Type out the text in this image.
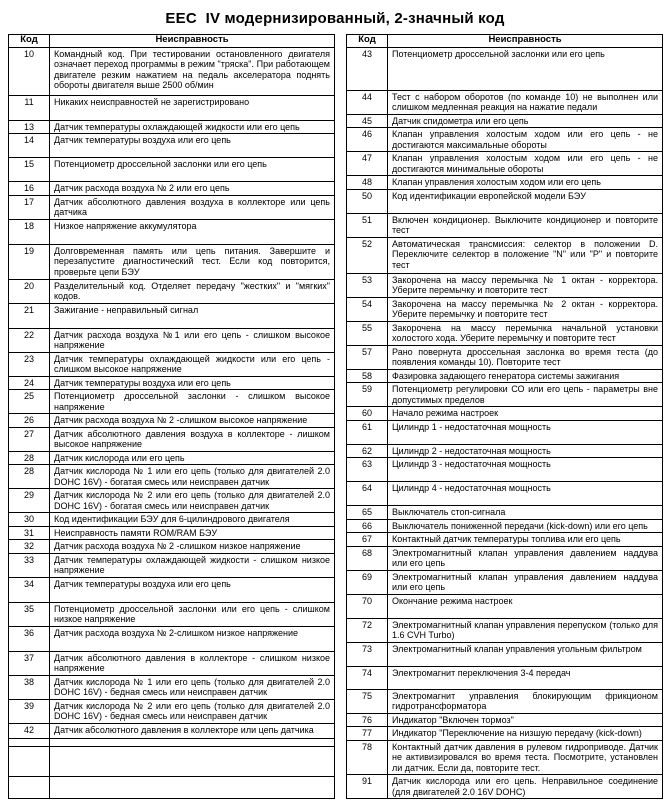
ЕЕС  IV модернизированный, 2-значный код
Код	Неисправность
10	Командный код. При тестировании остановленного двигателя означает переход программы в режим "тряска". При работающем двигателе резким нажатием на педаль акселератора поднять обороты двигателя выше 2500 об/мин
11	Никаких неисправностей не зарегистрировано
13	Датчик температуры охлаждающей жидкости или его цепь
14	Датчик температуры воздуха или его цепь
15	Потенциометр дроссельной заслонки или его цепь
16	Датчик расхода воздуха № 2 или его цепь
17	Датчик абсолютного давления воздуха в коллекторе или цепь датчика
18	Низкое напряжение аккумулятора
19	Долговременная память или цепь питания. Завершите и перезапустите диагностический тест. Если код повторится, проверьте цепи БЭУ
20	Разделительный код. Отделяет передачу "жестких" и "мягких" кодов.
21	Зажигание - неправильный сигнал
22	Датчик расхода воздуха №1 или его цепь - слишком высокое напряжение
23	Датчик температуры охлаждающей жидкости или его цепь - слишком высокое напряжение
24	Датчик температуры воздуха или его цепь
25	Потенциометр дроссельной заслонки - слишком высокое напряжение
26	Датчик расхода воздуха № 2 -слишком высокое напряжение
27	Датчик абсолютного давления воздуха в коллекторе - лишком высокое напряжение
28	Датчик кислорода или его цепь
28	Датчик кислорода № 1 или его цепь (только для двигателей 2.0 DOHC 16V) - богатая смесь или неисправен датчик
29	Датчик кислорода № 2 или его цепь (только для двигателей 2.0 DOHC 16V) - богатая смесь или неисправен датчик
30	Код идентификации БЭУ для 6-цилиндрового двигателя
31	Неисправность памяти ROM/RAM БЭУ
32	Датчик расхода воздуха № 2 -слишком низкое напряжение
33	Датчик температуры охлаждающей жидкости - слишком низкое напряжение
34	Датчик температуры воздуха или его цепь
35	Потенциометр дроссельной заслонки или его цепь - слишком низкое напряжение
36	Датчик расхода воздуха № 2-слишком низкое напряжение
37	Датчик абсолютного давления в коллекторе - слишком низкое напряжение
38	Датчик кислорода № 1 или его цепь (только для двигателей 2.0 DOHC 16V) - бедная смесь или неисправен датчик
39	Датчик кислорода № 2 или его цепь (только для двигателей 2.0 DOHC 16V) - бедная смесь или неисправен датчик
42	Датчик абсолютного давления в коллекторе или цепь датчика

Код	Неисправность
43	Потенциометр дроссельной заслонки или его цепь
44	Тест с набором оборотов (по команде 10) не выполнен или слишком медленная реакция на нажатие педали
45	Датчик спидометра или его цепь
46	Клапан управления холостым ходом или его цепь - не достигаются максимальные обороты
47	Клапан управления холостым ходом или его цепь - не достигаются минимальные обороты
48	Клапан управления холостым ходом или его цепь
50	Код идентификации европейской модели БЭУ
51	Включен кондиционер. Выключите кондиционер и повторите тест
52	Автоматическая трансмиссия: селектор в положении D. Переключите селектор в положение "N" или "P" и повторите тест
53	Закорочена на массу перемычка № 1 октан - корректора. Уберите перемычку и повторите тест
54	Закорочена на массу перемычка № 2 октан - корректора. Уберите перемычку и повторите тест
55	Закорочена на массу перемычка начальной установки холостого хода. Уберите перемычку и повторите тест
57	Рано повернута дроссельная заслонка во время теста (до появления команды 10). Повторите тест
58	Фазировка задающего генератора системы зажигания
59	Потенциометр регулировки СО или его цепь - параметры вне допустимых пределов
60	Начало режима настроек
61	Цилиндр 1 - недостаточная мощность
62	Цилиндр 2 - недостаточная мощность
63	Цилиндр 3 - недостаточная мощность
64	Цилиндр 4 - недостаточная мощность
65	Выключатель стоп-сигнала
66	Выключатель пониженной передачи (kick-down) или его цепь
67	Контактный датчик температуры топлива или его цепь
68	Электромагнитный клапан управления давлением наддува или его цепь
69	Электромагнитный клапан управления давлением наддува или его цепь
70	Окончание режима настроек
72	Электромагнитный клапан управления перепуском (только для 1.6 CVH Turbo)
73	Электромагнитный клапан управления угольным фильтром
74	Электромагнит переключения 3-4 передач
75	Электромагнит управления блокирующим фрикционом гидротрансформатора
76	Индикатор "Включен тормоз"
77	Индикатор "Переключение на низшую передачу (kick-down)
78	Контактный датчик давления в рулевом гидроприводе. Датчик не активизировался во время теста. Посмотрите, установлен ли датчик. Если да, повторите тест.
91	Датчик кислорода или его цепь. Неправильное соединение (для двигателей 2.0 16V DOHC)
